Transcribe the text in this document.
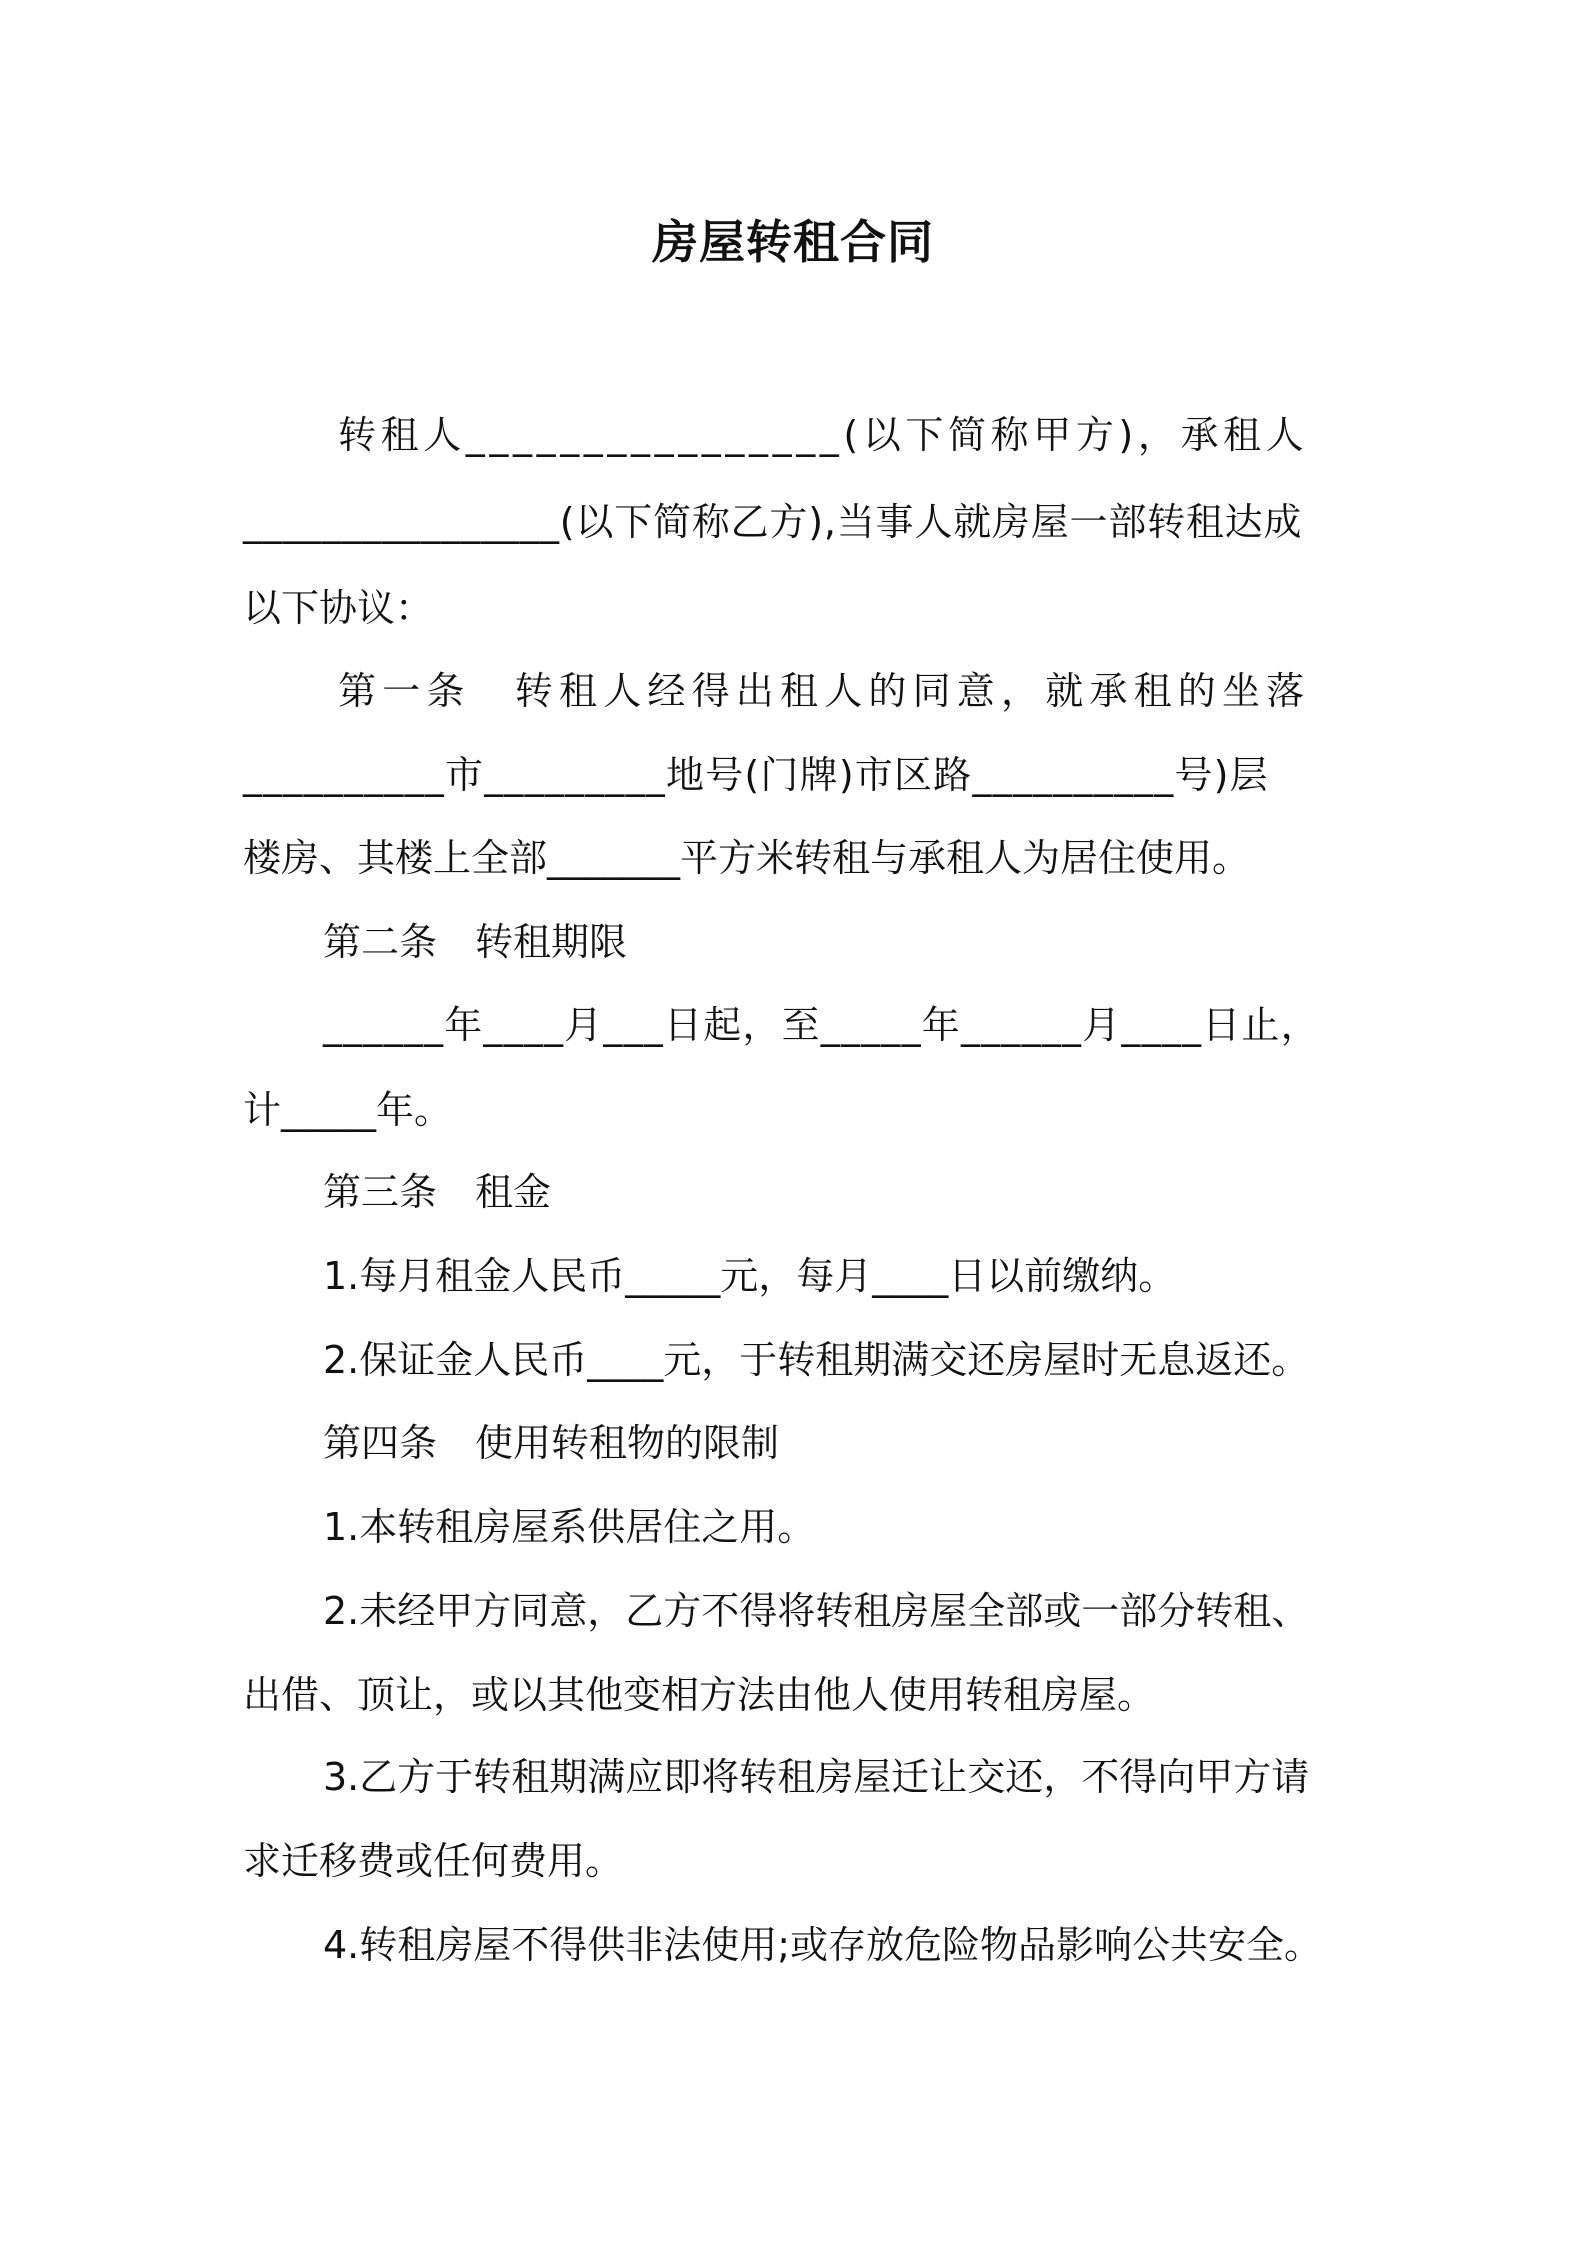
房屋转租合同
转租人________________(以下简称甲方)，承租人
________________(以下简称乙方),当事人就房屋一部转租达成
以下协议：
第一条　转租人经得出租人的同意，就承租的坐落
__________市_________地号(门牌)市区路__________号)层
楼房、其楼上全部_______平方米转租与承租人为居住使用。
第二条　转租期限
______年____月___日起，至_____年______月____日止，
计_____年。
第三条　租金
1.每月租金人民币_____元，每月____日以前缴纳。
2.保证金人民币____元，于转租期满交还房屋时无息返还。
第四条　使用转租物的限制
1.本转租房屋系供居住之用。
2.未经甲方同意，乙方不得将转租房屋全部或一部分转租、
出借、顶让，或以其他变相方法由他人使用转租房屋。
3.乙方于转租期满应即将转租房屋迁让交还，不得向甲方请
求迁移费或任何费用。
4.转租房屋不得供非法使用;或存放危险物品影响公共安全。
